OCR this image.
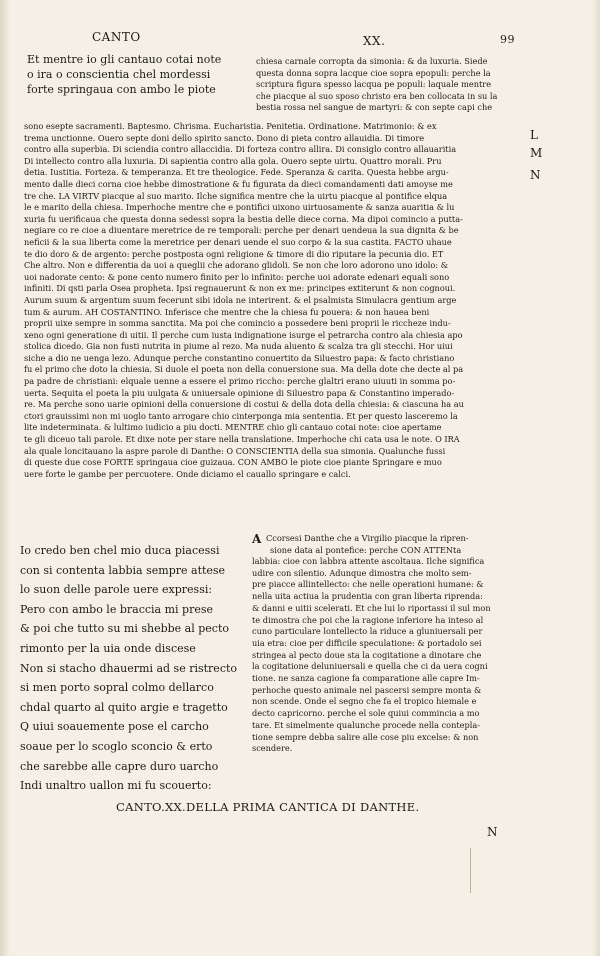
CANTO	XX.	99
Et mentre io gli cantauo cotai note
o ira o conscientia chel mordessi
forte springaua con ambo le piote
chiesa carnale corropta da simonia: & da luxuria. Siede
questa donna sopra lacque cioe sopra epopuli: perche la
scriptura figura spesso lacqua pe populi: laquale mentre
che piacque al suo sposo christo era ben collocata in su la
bestia rossa nel sangue de martyri: & con septe capi che
sono esepte sacramenti. Baptesmo. Chrisma. Eucharistia. Penitetia. Ordinatione. Matrimonio: & ex
trema unctionne. Ouero septe doni dello spirito sancto. Dono di pieta contro allauidia. Di timore
contro alla superbia. Di sciendia contro allaccidia. Di forteza contro allira. Di consiglo contro allauaritia
Di intellecto contro alla luxuria. Di sapientia contro alla gola. Ouero septe uirtu. Quattro morali. Pru
detia. Iustitia. Forteza. & temperanza. Et tre theologice. Fede. Speranza & carita. Questa hebbe argu-
mento dalle dieci corna cioe hebbe dimostratione & fu figurata da dieci comandamenti dati amoyse me
tre che. LA VIRTV piacque al suo marito. Ilche significa mentre che la uirtu piacque al pontifice elqua
le e marito della chiesa. Imperhoche mentre che e pontifici uixono uirtuosamente & sanza auaritia & lu
xuria fu uerificaua che questa donna sedessi sopra la bestia delle diece corna. Ma dipoi comincio a putta-
negiare co re cioe a diuentare meretrice de re temporali: perche per denari uendeua la sua dignita & be
neficii & la sua liberta come la meretrice per denari uende el suo corpo & la sua castita. FACTO uhaue
te dio doro & de argento: perche postposta ogni religione & timore di dio riputare la pecunia dio. ET
Che altro. Non e differentia da uoi a queglii che adorano glidoli. Se non che loro adorono uno idolo: &
uoi nadorate cento: & pone cento numero finito per lo infinito: perche uoi adorate edenari equali sono
infiniti. Di qsti parla Osea propheta. Ipsi regnauerunt & non ex me: principes extiterunt & non cognoui.
Aurum suum & argentum suum fecerunt sibi idola ne interirent. & el psalmista Simulacra gentium arge
tum & aurum. AH COSTANTINO. Inferisce che mentre che la chiesa fu pouera: & non hauea beni
proprii uixe sempre in somma sanctita. Ma poi che comincio a possedere beni proprii le riccheze indu-
xeno ogni generatione di uitii. Il perche cum iusta indignatione isurge el petrarcha contro ala chiesia apo
stolica dicedo. Gia non fusti nutrita in piume al rezo. Ma nuda aluento & scalza tra gli stecchi. Hor uiui
siche a dio ne uenga lezo. Adunque perche constantino conuertito da Siluestro papa: & facto christiano
fu el primo che doto la chiesia. Si duole el poeta non della conuersione sua. Ma della dote che decte al pa
pa padre de christiani: elquale uenne a essere el primo riccho: perche glaltri erano uiuuti in somma po-
uerta. Sequita el poeta la piu uulgata & uniuersale opinione di Siluestro papa & Constantino imperado-
re. Ma perche sono uarie opinioni della conuersione di costui & della dota della chiesia: & ciascuna ha au
ctori grauissimi non mi uoglo tanto arrogare chio cinterponga mia sententia. Et per questo lasceremo la
lite indeterminata. & lultimo iudicio a piu docti. MENTRE chio gli cantauo cotai note: cioe apertame
te gli diceuo tali parole. Et dixe note per stare nella translatione. Imperhoche chi cata usa le note. O IRA
ala quale loncitauano la aspre parole di Danthe: O CONSCIENTIA della sua simonia. Qualunche fussi
di queste due cose FORTE springaua cioe guizaua. CON AMBO le piote cioe piante Springare e muo
uere forte le gambe per percuotere. Onde diciamo el cauallo springare e calci.
L
M
N
Io credo ben chel mio duca piacessi
con si contenta labbia sempre attese
lo suon delle parole uere expressi:
Pero con ambo le braccia mi prese
& poi che tutto su mi shebbe al pecto
rimonto per la uia onde discese
Non si stacho dhauermi ad se ristrecto
si men porto sopral colmo dellarco
chdal quarto al quito argie e tragetto
Q uiui soauemente pose el carcho
soaue per lo scoglo sconcio & erto
che sarebbe alle capre duro uarcho
Indi unaltro uallon mi fu scouerto:
A Ccorsesi Danthe che a Virgilio piacque la ripren-
sione data al pontefice: perche CON ATTENta
labbia: cioe con labbra attente ascoltaua. Ilche significa
udire con silentio. Adunque dimostra che molto sem-
pre piacce allintellecto: che nelle operationi humane: &
nella uita actiua la prudentia con gran liberta riprenda:
& danni e uitii scelerati. Et che lui lo riportassi il sul mon
te dimostra che poi che la ragione inferiore ha inteso al
cuno particulare lontellecto la riduce a gluniuersali per
uia etra: cioe per difficile speculatione: & portadolo sei
stringea al pecto doue sta la cogitatione a dinotare che
la cogitatione deluniuersali e quella che ci da uera cogni
tione. ne sanza cagione fa comparatione alle capre Im-
perhoche questo animale nel pascersi sempre monta &
non scende. Onde el segno che fa el tropico hiemale e
decto capricorno. perche el sole quiui commincia a mo
tare. Et simelmente qualunche procede nella contepla-
tione sempre debba salire alle cose piu excelse: & non
scendere.
CANTO.XX.DELLA PRIMA CANTICA DI DANTHE.
N
